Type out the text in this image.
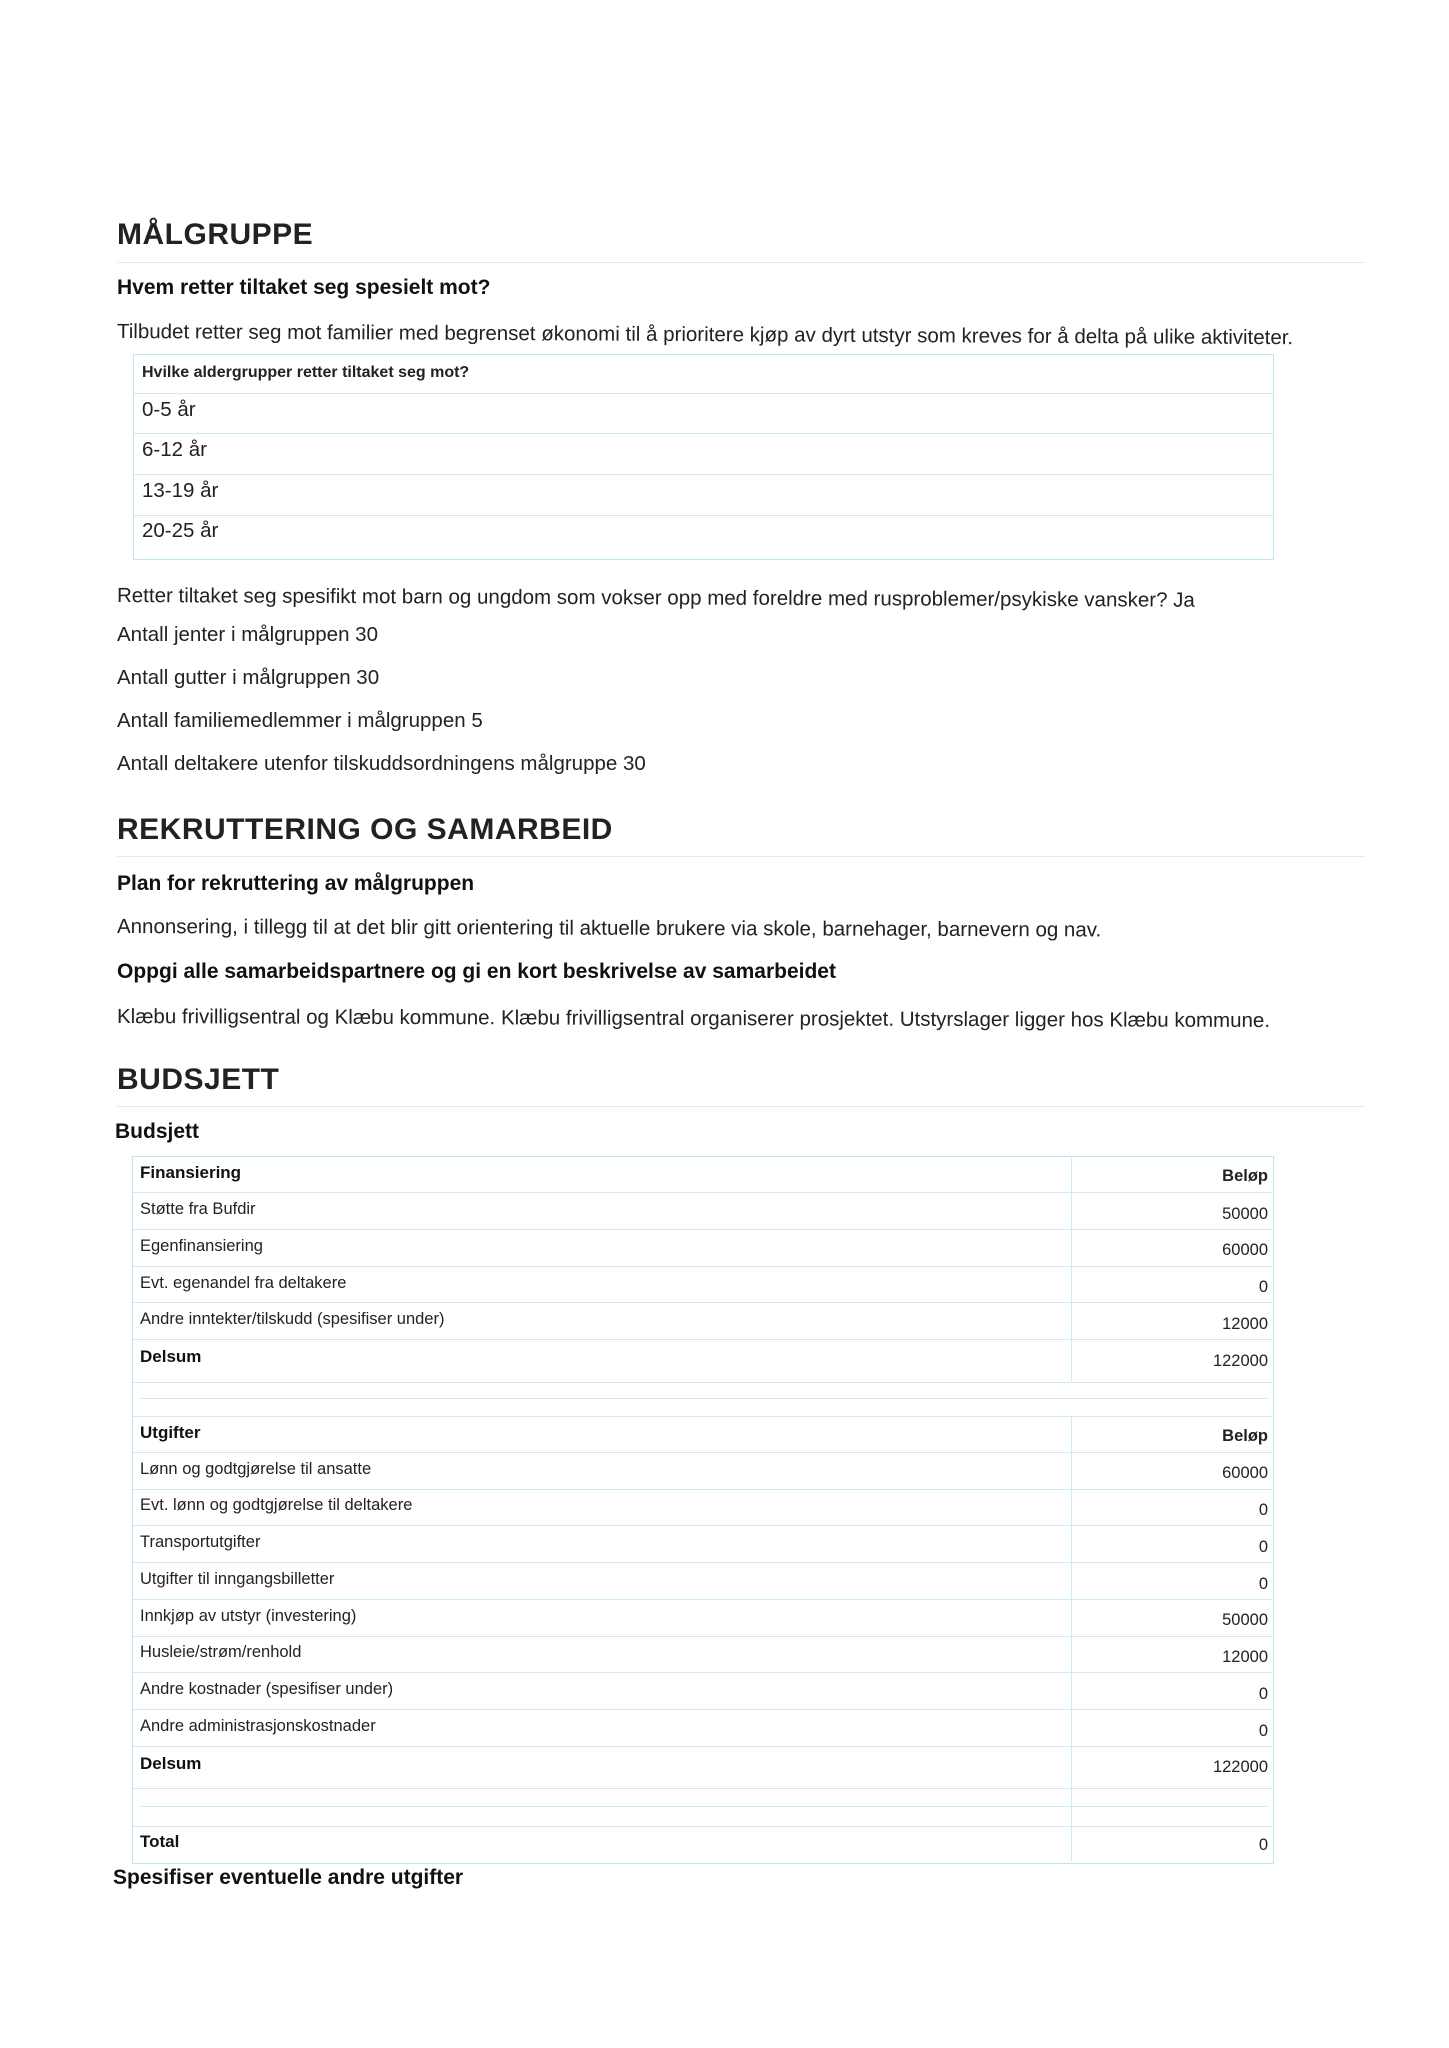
MÅLGRUPPE
Hvem retter tiltaket seg spesielt mot?
Tilbudet retter seg mot familier med begrenset økonomi til å prioritere kjøp av dyrt utstyr som kreves for å delta på ulike aktiviteter.
Hvilke aldergrupper retter tiltaket seg mot?
0-5 år
6-12 år
13-19 år
20-25 år
Retter tiltaket seg spesifikt mot barn og ungdom som vokser opp med foreldre med rusproblemer/psykiske vansker? Ja
Antall jenter i målgruppen 30
Antall gutter i målgruppen 30
Antall familiemedlemmer i målgruppen 5
Antall deltakere utenfor tilskuddsordningens målgruppe 30
REKRUTTERING OG SAMARBEID
Plan for rekruttering av målgruppen
Annonsering, i tillegg til at det blir gitt orientering til aktuelle brukere via skole, barnehager, barnevern og nav.
Oppgi alle samarbeidspartnere og gi en kort beskrivelse av samarbeidet
Klæbu frivilligsentral og Klæbu kommune. Klæbu frivilligsentral organiserer prosjektet. Utstyrslager ligger hos Klæbu kommune.
BUDSJETT
Budsjett
Finansiering	Beløp
Støtte fra Bufdir	50000
Egenfinansiering	60000
Evt. egenandel fra deltakere	0
Andre inntekter/tilskudd (spesifiser under)	12000
Delsum	122000
Utgifter	Beløp
Lønn og godtgjørelse til ansatte	60000
Evt. lønn og godtgjørelse til deltakere	0
Transportutgifter	0
Utgifter til inngangsbilletter	0
Innkjøp av utstyr (investering)	50000
Husleie/strøm/renhold	12000
Andre kostnader (spesifiser under)	0
Andre administrasjonskostnader	0
Delsum	122000
Total	0
Spesifiser eventuelle andre utgifter
